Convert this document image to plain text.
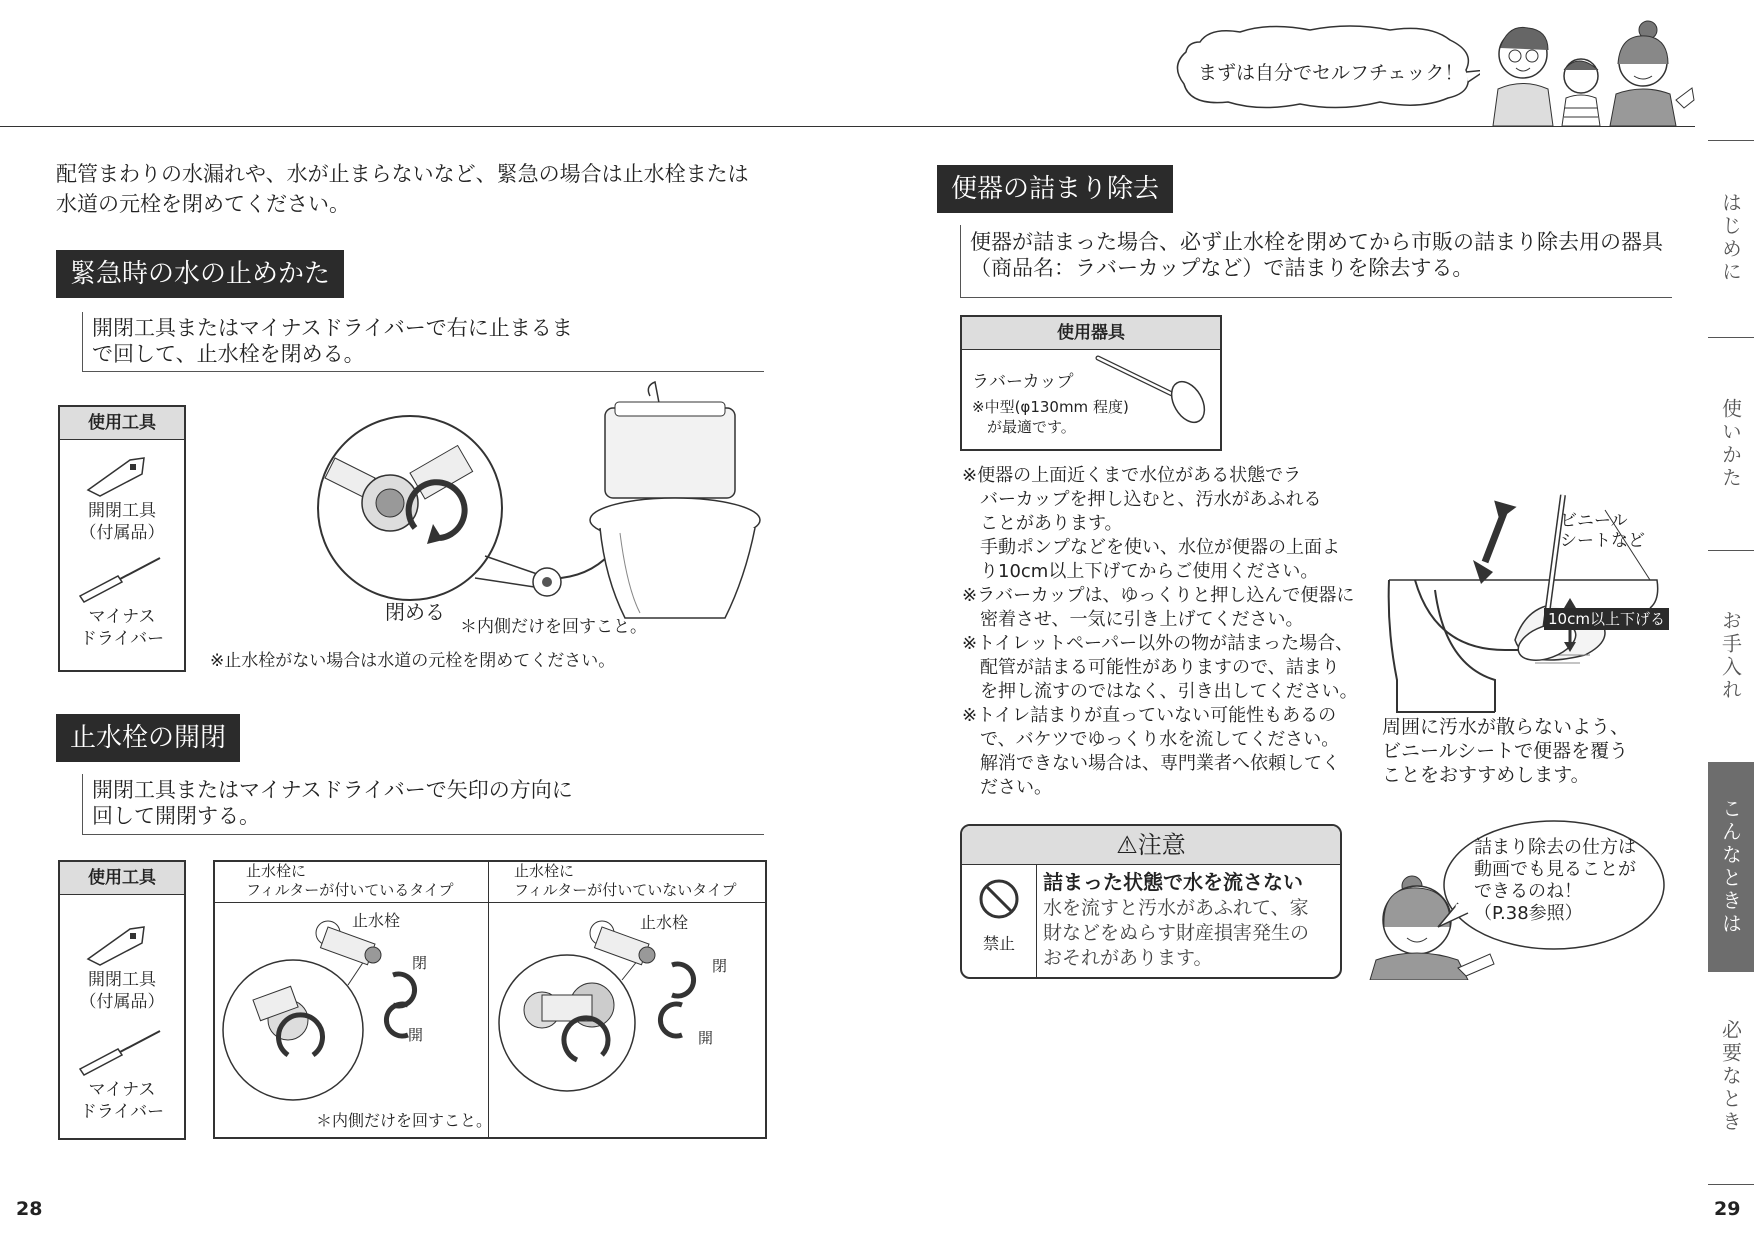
まずは自分でセルフチェック！
配管まわりの水漏れや、水が止まらないなど、緊急の場合は止水栓または
水道の元栓を閉めてください。
緊急時の水の止めかた
開閉工具またはマイナスドライバーで右に止まるま
で回して、止水栓を閉める。
使用工具
開閉工具
（付属品）
マイナス
ドライバー
閉める
＊内側だけを回すこと。
※止水栓がない場合は水道の元栓を閉めてください。
止水栓の開閉
開閉工具またはマイナスドライバーで矢印の方向に
回して開閉する。
使用工具
開閉工具
（付属品）
マイナス
ドライバー
止水栓に
フィルターが付いているタイプ
止水栓に
フィルターが付いていないタイプ
止水栓
閉
開
＊内側だけを回すこと。
止水栓
閉
開
28
便器の詰まり除去
便器が詰まった場合、必ず止水栓を閉めてから市販の詰まり除去用の器具
（商品名：ラバーカップなど）で詰まりを除去する。
使用器具
ラバーカップ
※中型(φ130mm 程度)
　が最適です。
※便器の上面近くまで水位がある状態でラ
　バーカップを押し込むと、汚水があふれる
　ことがあります。
　手動ポンプなどを使い、水位が便器の上面よ
　り10cm以上下げてからご使用ください。
※ラバーカップは、ゆっくりと押し込んで便器に
　密着させ、一気に引き上げてください。
※トイレットペーパー以外の物が詰まった場合、
　配管が詰まる可能性がありますので、詰まり
　を押し流すのではなく、引き出してください。
※トイレ詰まりが直っていない可能性もあるの
　で、バケツでゆっくり水を流してください。
　解消できない場合は、専門業者へ依頼してく
　ださい。
ビニール
シートなど
10cm以上下げる
周囲に汚水が散らないよう、
ビニールシートで便器を覆う
ことをおすすめします。
⚠注意
禁止
詰まった状態で水を流さない
水を流すと汚水があふれて、家
財などをぬらす財産損害発生の
おそれがあります。
詰まり除去の仕方は
動画でも見ることが
できるのね！
（P.38参照）
はじめに
使いかた
お手入れ
こんなときは
必要なとき
29
